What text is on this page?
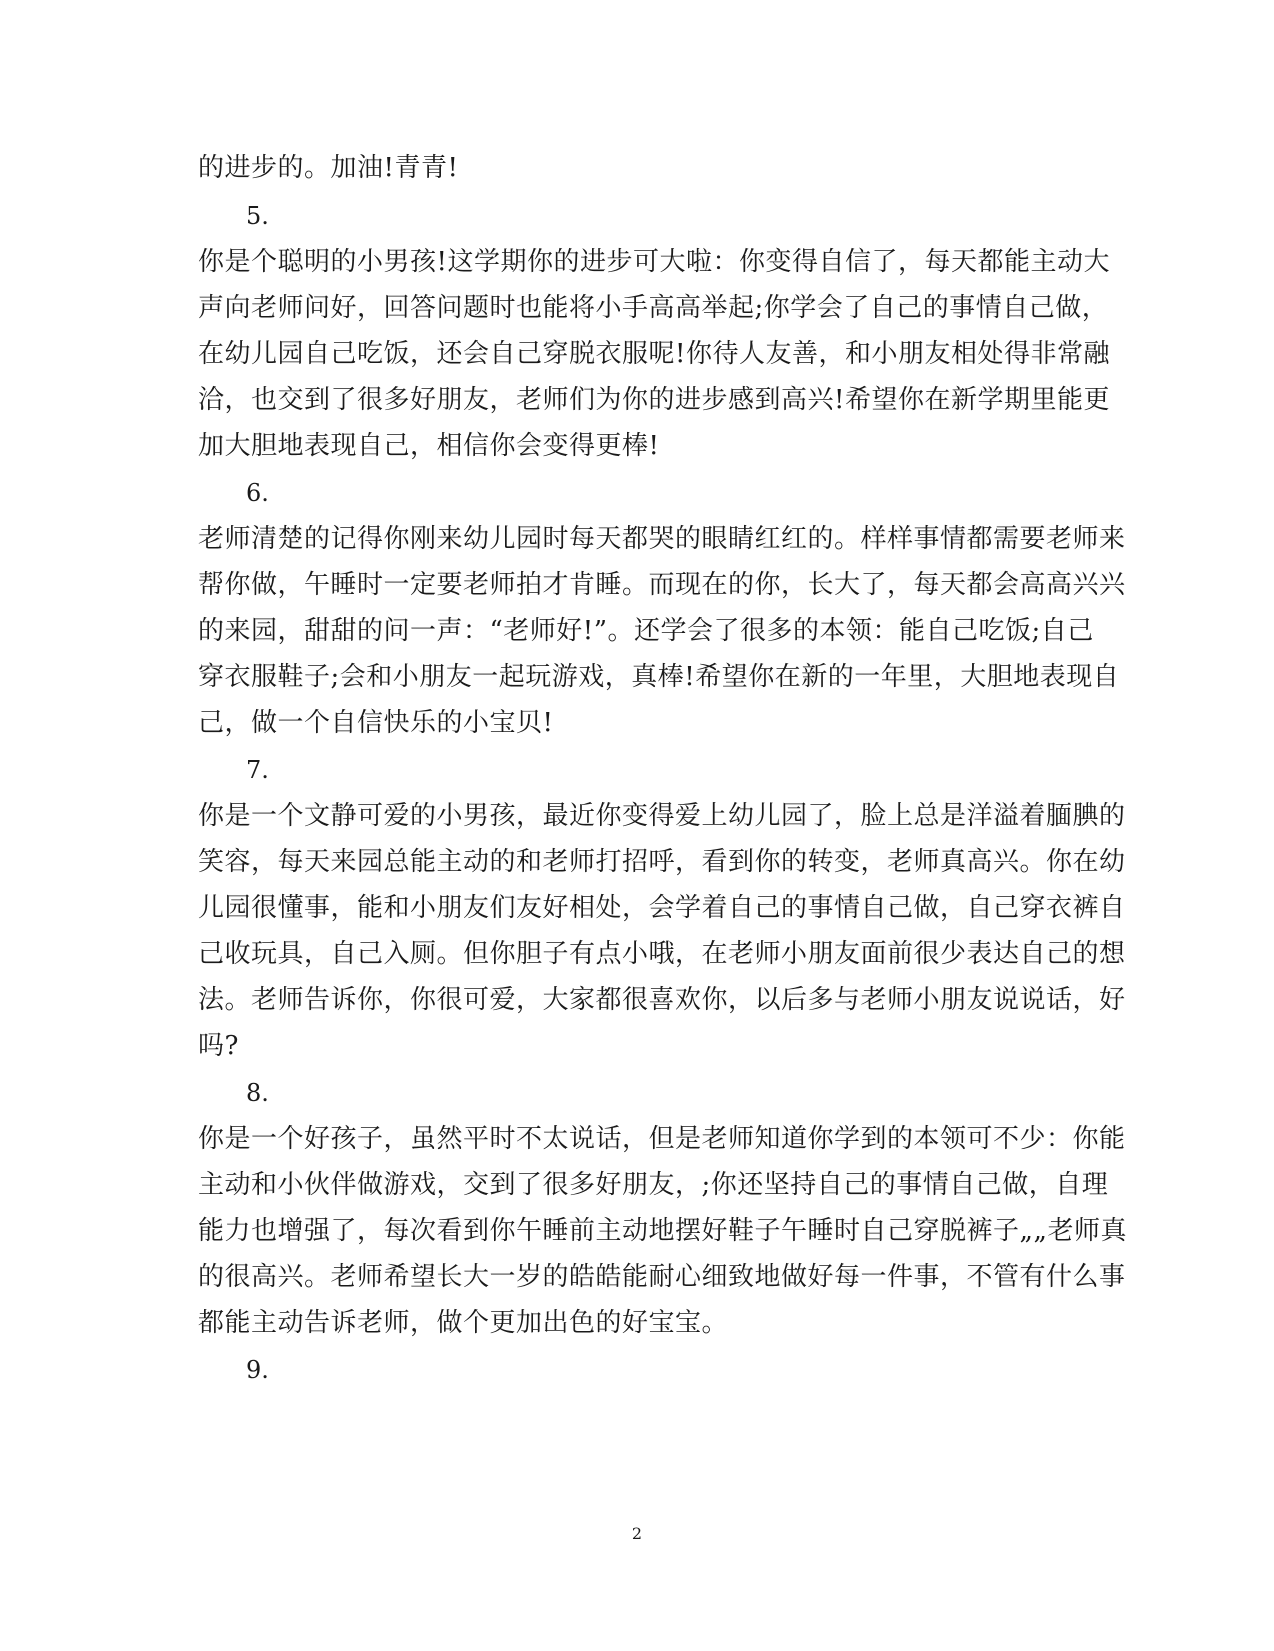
的进步的。加油!青青!
5.
你是个聪明的小男孩!这学期你的进步可大啦：你变得自信了，每天都能主动大
声向老师问好，回答问题时也能将小手高高举起;你学会了自己的事情自己做，
在幼儿园自己吃饭，还会自己穿脱衣服呢!你待人友善，和小朋友相处得非常融
洽，也交到了很多好朋友，老师们为你的进步感到高兴!希望你在新学期里能更
加大胆地表现自己，相信你会变得更棒!
6.
老师清楚的记得你刚来幼儿园时每天都哭的眼睛红红的。样样事情都需要老师来
帮你做，午睡时一定要老师拍才肯睡。而现在的你，长大了，每天都会高高兴兴
的来园，甜甜的问一声：“老师好!”。还学会了很多的本领：能自己吃饭;自己
穿衣服鞋子;会和小朋友一起玩游戏，真棒!希望你在新的一年里，大胆地表现自
己，做一个自信快乐的小宝贝!
7.
你是一个文静可爱的小男孩，最近你变得爱上幼儿园了，脸上总是洋溢着腼腆的
笑容，每天来园总能主动的和老师打招呼，看到你的转变，老师真高兴。你在幼
儿园很懂事，能和小朋友们友好相处，会学着自己的事情自己做，自己穿衣裤自
己收玩具，自己入厕。但你胆子有点小哦，在老师小朋友面前很少表达自己的想
法。老师告诉你，你很可爱，大家都很喜欢你，以后多与老师小朋友说说话，好
吗?
8.
你是一个好孩子，虽然平时不太说话，但是老师知道你学到的本领可不少：你能
主动和小伙伴做游戏，交到了很多好朋友，;你还坚持自己的事情自己做，自理
能力也增强了，每次看到你午睡前主动地摆好鞋子午睡时自己穿脱裤子„„老师真
的很高兴。老师希望长大一岁的皓皓能耐心细致地做好每一件事，不管有什么事
都能主动告诉老师，做个更加出色的好宝宝。
9.
2
